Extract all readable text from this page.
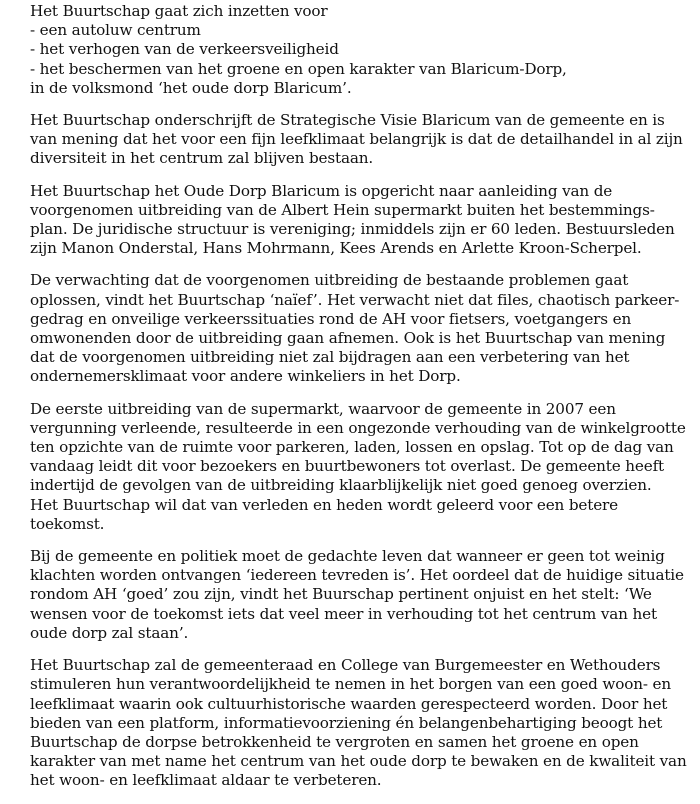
Het Buurtschap gaat zich inzetten voor
- een autoluw centrum
- het verhogen van de verkeersveiligheid
- het beschermen van het groene en open karakter van Blaricum-Dorp,
in de volksmond ‘het oude dorp Blaricum’.

Het Buurtschap onderschrijft de Strategische Visie Blaricum van de gemeente en is
van mening dat het voor een fijn leefklimaat belangrijk is dat de detailhandel in al zijn
diversiteit in het centrum zal blijven bestaan.

Het Buurtschap het Oude Dorp Blaricum is opgericht naar aanleiding van de
voorgenomen uitbreiding van de Albert Hein supermarkt buiten het bestemmings-
plan. De juridische structuur is vereniging; inmiddels zijn er 60 leden. Bestuursleden
zijn Manon Onderstal, Hans Mohrmann, Kees Arends en Arlette Kroon-Scherpel.

De verwachting dat de voorgenomen uitbreiding de bestaande problemen gaat
oplossen, vindt het Buurtschap ‘naïef’. Het verwacht niet dat files, chaotisch parkeer-
gedrag en onveilige verkeerssituaties rond de AH voor fietsers, voetgangers en
omwonenden door de uitbreiding gaan afnemen. Ook is het Buurtschap van mening
dat de voorgenomen uitbreiding niet zal bijdragen aan een verbetering van het
ondernemersklimaat voor andere winkeliers in het Dorp.

De eerste uitbreiding van de supermarkt, waarvoor de gemeente in 2007 een
vergunning verleende, resulteerde in een ongezonde verhouding van de winkelgrootte
ten opzichte van de ruimte voor parkeren, laden, lossen en opslag. Tot op de dag van
vandaag leidt dit voor bezoekers en buurtbewoners tot overlast. De gemeente heeft
indertijd de gevolgen van de uitbreiding klaarblijkelijk niet goed genoeg overzien.
Het Buurtschap wil dat van verleden en heden wordt geleerd voor een betere
toekomst.

Bij de gemeente en politiek moet de gedachte leven dat wanneer er geen tot weinig
klachten worden ontvangen ‘iedereen tevreden is’. Het oordeel dat de huidige situatie
rondom AH ‘goed’ zou zijn, vindt het Buurschap pertinent onjuist en het stelt: ‘We
wensen voor de toekomst iets dat veel meer in verhouding tot het centrum van het
oude dorp zal staan’.

Het Buurtschap zal de gemeenteraad en College van Burgemeester en Wethouders
stimuleren hun verantwoordelijkheid te nemen in het borgen van een goed woon- en
leefklimaat waarin ook cultuurhistorische waarden gerespecteerd worden. Door het
bieden van een platform, informatievoorziening én belangenbehartiging beoogt het
Buurtschap de dorpse betrokkenheid te vergroten en samen het groene en open
karakter van met name het centrum van het oude dorp te bewaken en de kwaliteit van
het woon- en leefklimaat aldaar te verbeteren.
